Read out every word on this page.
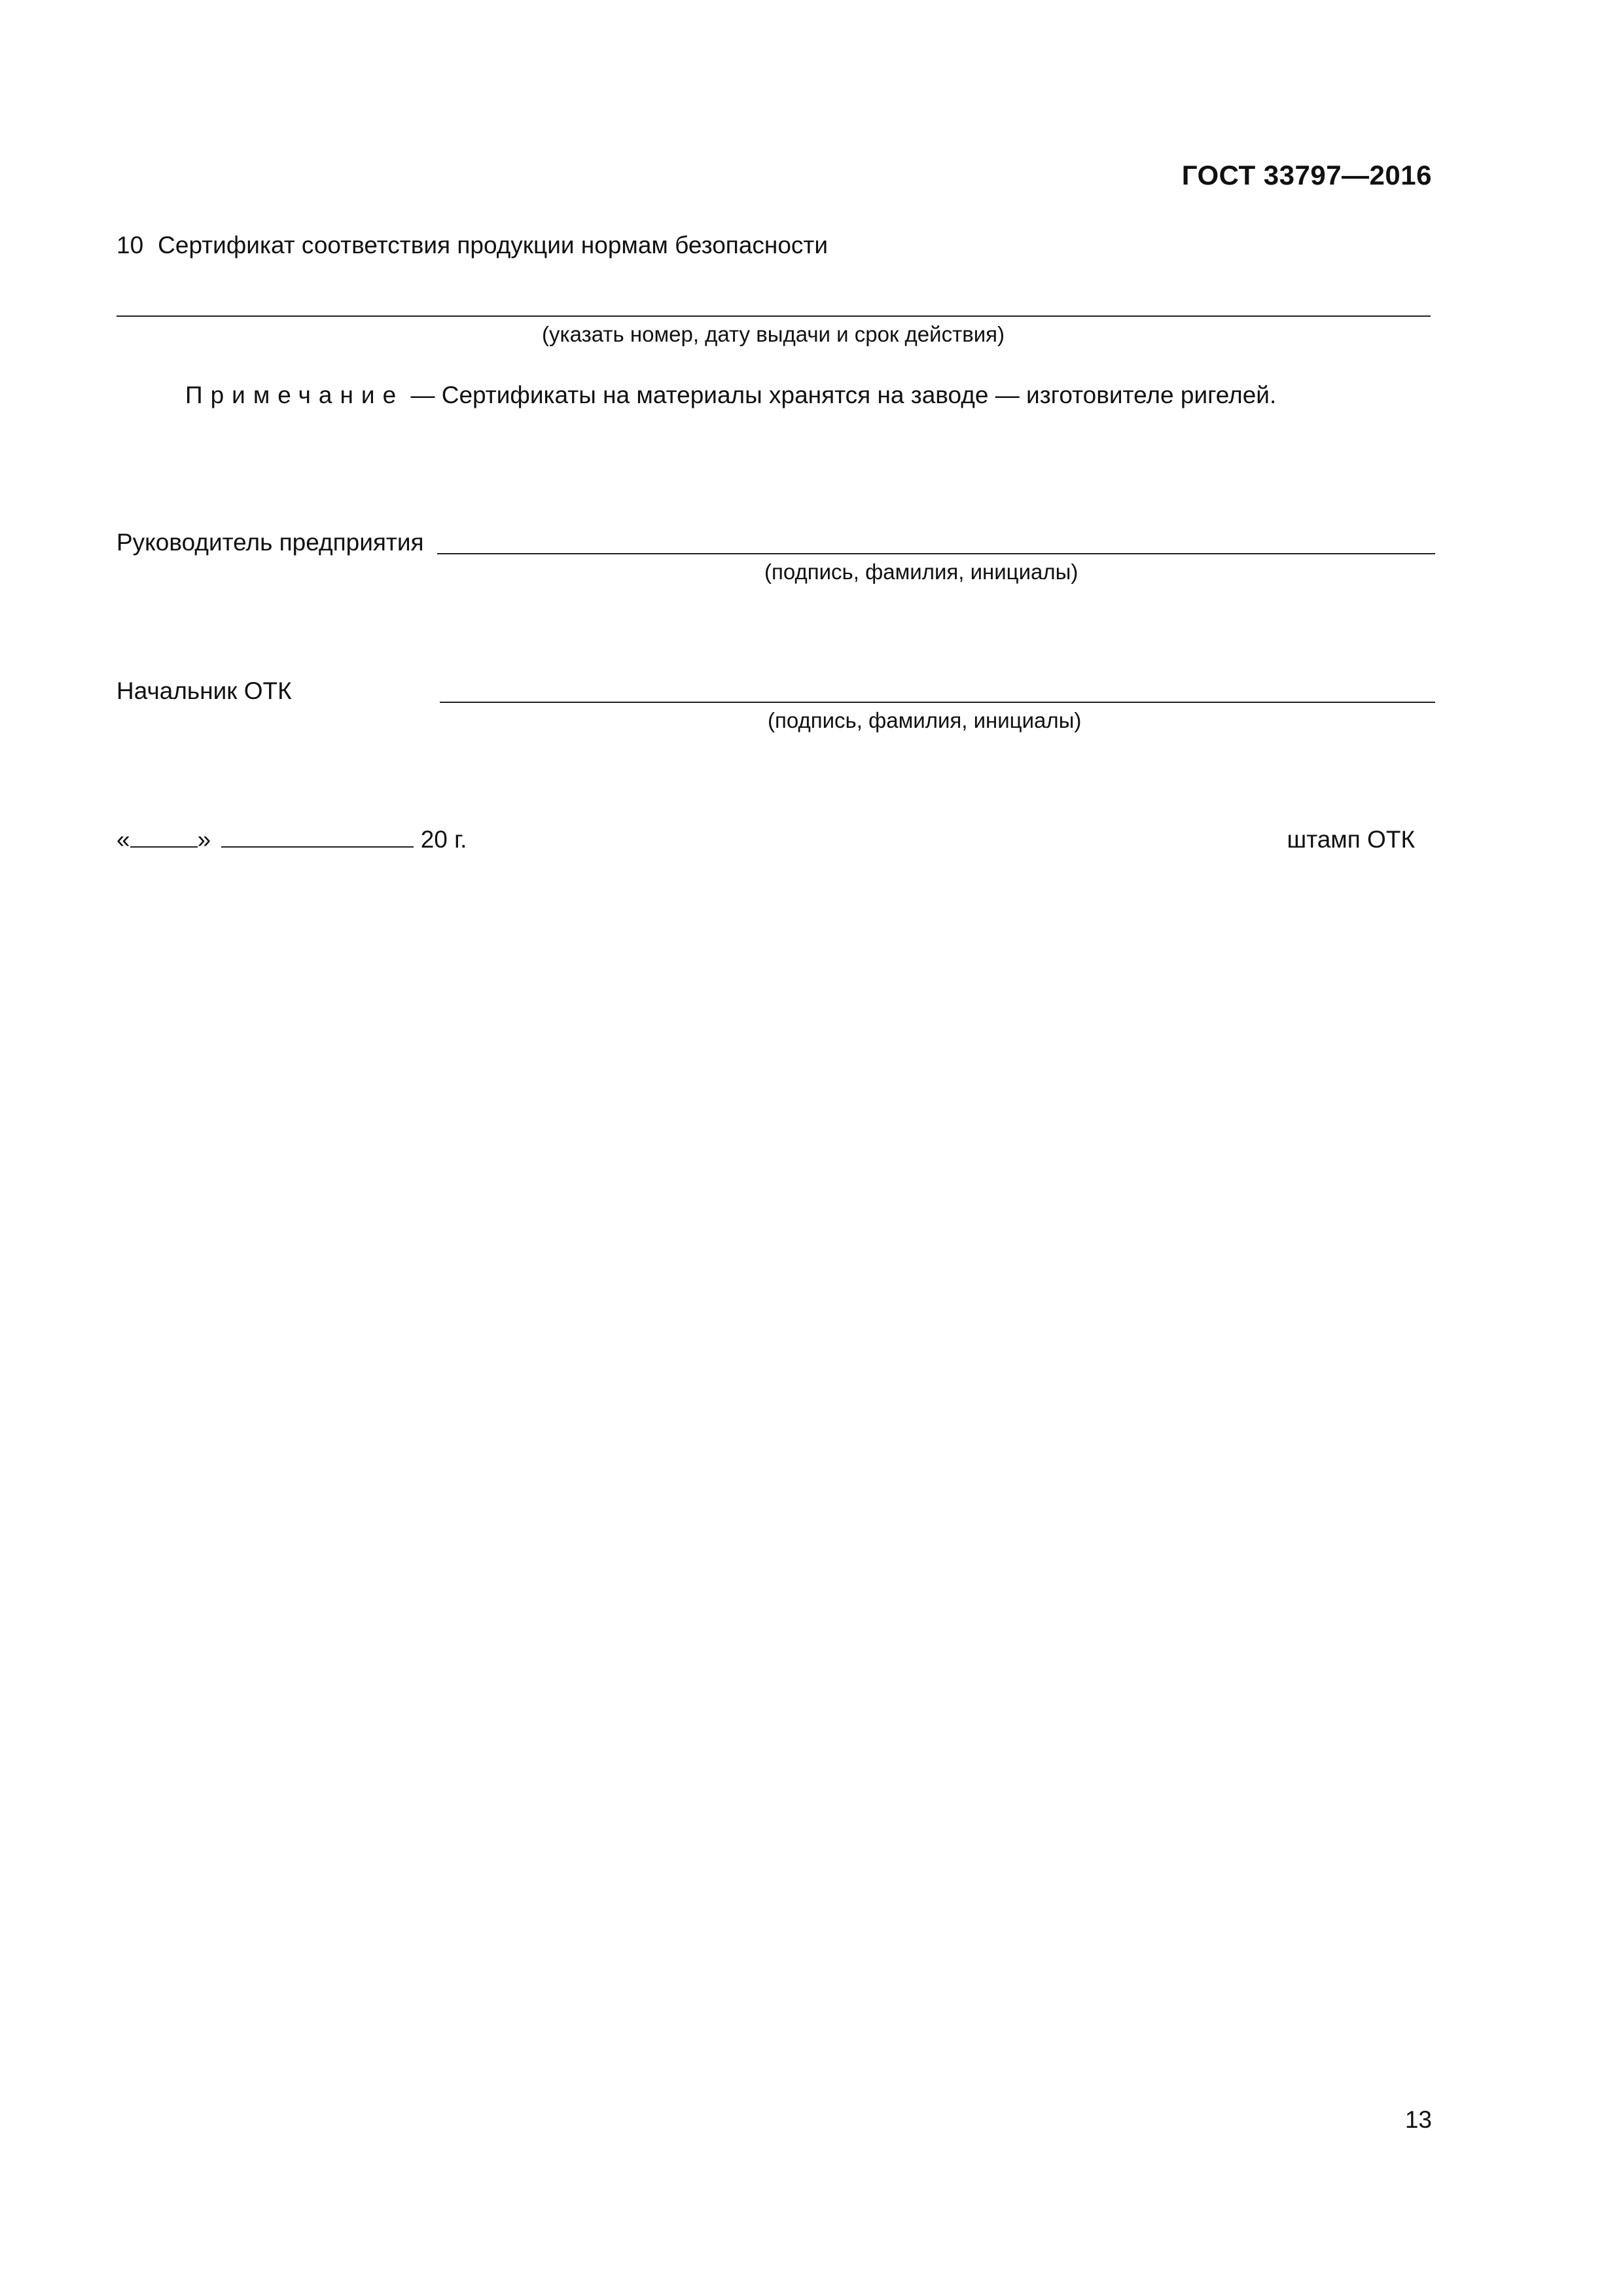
ГОСТ 33797—2016
10 Сертификат соответствия продукции нормам безопасности
(указать номер, дату выдачи и срок действия)
Примечание — Сертификаты на материалы хранятся на заводе — изготовителе ригелей.
Руководитель предприятия
(подпись, фамилия, инициалы)
Начальник ОТК
(подпись, фамилия, инициалы)
«	»	20 г.	штамп ОТК
13
